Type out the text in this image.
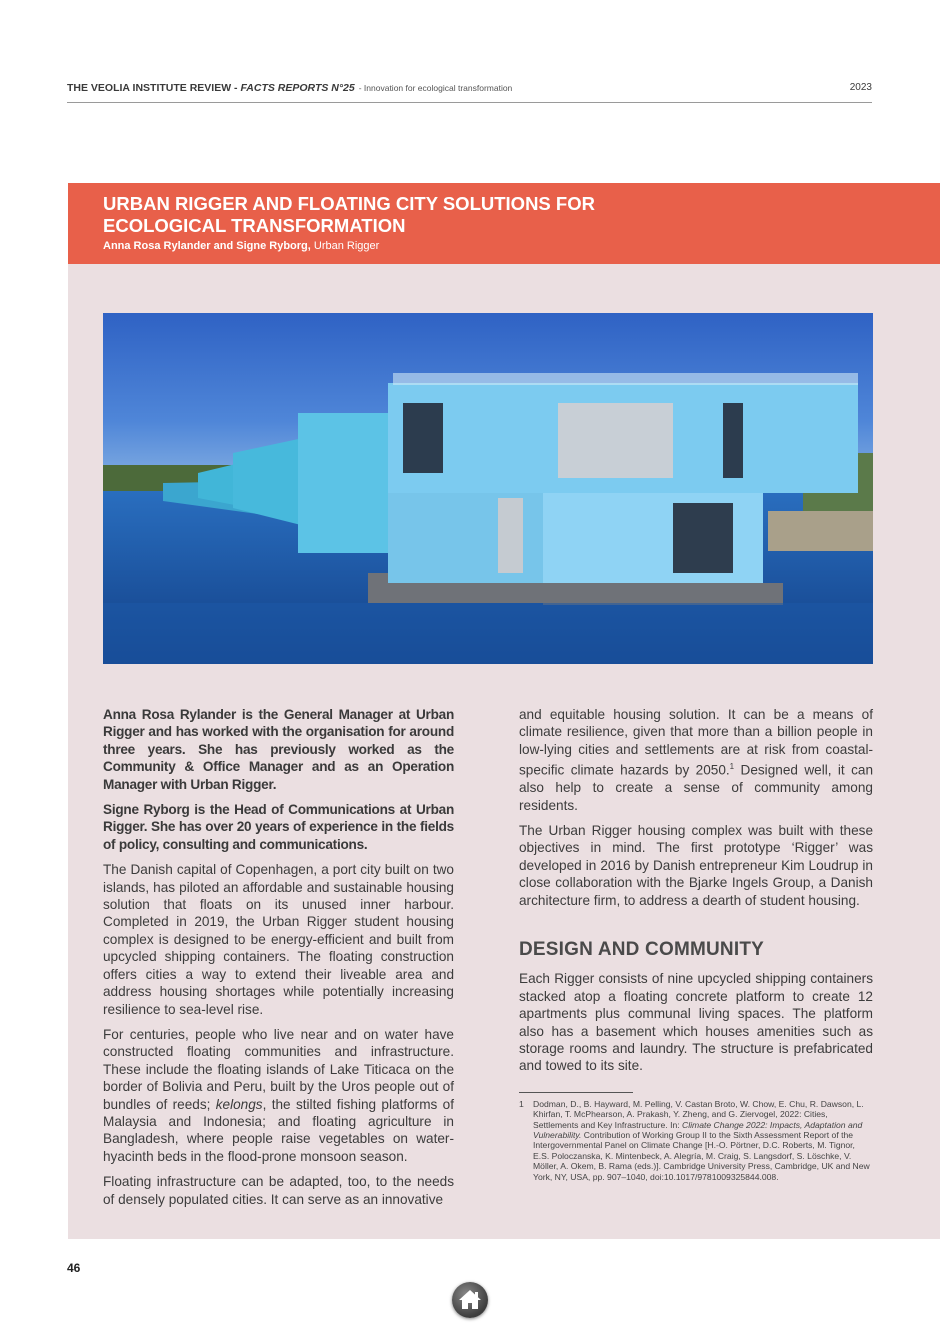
THE VEOLIA INSTITUTE REVIEW - FACTS REPORTS N°25 - Innovation for ecological transformation	2023
URBAN RIGGER AND FLOATING CITY SOLUTIONS FOR ECOLOGICAL TRANSFORMATION
Anna Rosa Rylander and Signe Ryborg, Urban Rigger

Anna Rosa Rylander is the General Manager at Urban Rigger and has worked with the organisation for around three years. She has previously worked as the Community & Office Manager and as an Operation Manager with Urban Rigger.

Signe Ryborg is the Head of Communications at Urban Rigger. She has over 20 years of experience in the fields of policy, consulting and communications.

The Danish capital of Copenhagen, a port city built on two islands, has piloted an affordable and sustainable housing solution that floats on its unused inner harbour. Completed in 2019, the Urban Rigger student housing complex is designed to be energy-efficient and built from upcycled shipping containers. The floating construction offers cities a way to extend their liveable area and address housing shortages while potentially increasing resilience to sea-level rise.

For centuries, people who live near and on water have constructed floating communities and infrastructure. These include the floating islands of Lake Titicaca on the border of Bolivia and Peru, built by the Uros people out of bundles of reeds; kelongs, the stilted fishing platforms of Malaysia and Indonesia; and floating agriculture in Bangladesh, where people raise vegetables on water-hyacinth beds in the flood-prone monsoon season.

Floating infrastructure can be adapted, too, to the needs of densely populated cities. It can serve as an innovative

and equitable housing solution. It can be a means of climate resilience, given that more than a billion people in low-lying cities and settlements are at risk from coastal-specific climate hazards by 2050.$^1$ Designed well, it can also help to create a sense of community among residents.

The Urban Rigger housing complex was built with these objectives in mind. The first prototype ‘Rigger’ was developed in 2016 by Danish entrepreneur Kim Loudrup in close collaboration with the Bjarke Ingels Group, a Danish architecture firm, to address a dearth of student housing.

DESIGN AND COMMUNITY

Each Rigger consists of nine upcycled shipping containers stacked atop a floating concrete platform to create 12 apartments plus communal living spaces. The platform also has a basement which houses amenities such as storage rooms and laundry. The structure is prefabricated and towed to its site.

1 Dodman, D., B. Hayward, M. Pelling, V. Castan Broto, W. Chow, E. Chu, R. Dawson, L. Khirfan, T. McPhearson, A. Prakash, Y. Zheng, and G. Ziervogel, 2022: Cities, Settlements and Key Infrastructure. In: Climate Change 2022: Impacts, Adaptation and Vulnerability. Contribution of Working Group II to the Sixth Assessment Report of the Intergovernmental Panel on Climate Change [H.-O. Pörtner, D.C. Roberts, M. Tignor, E.S. Poloczanska, K. Mintenbeck, A. Alegría, M. Craig, S. Langsdorf, S. Löschke, V. Möller, A. Okem, B. Rama (eds.)]. Cambridge University Press, Cambridge, UK and New York, NY, USA, pp. 907–1040, doi:10.1017/9781009325844.008.
46
